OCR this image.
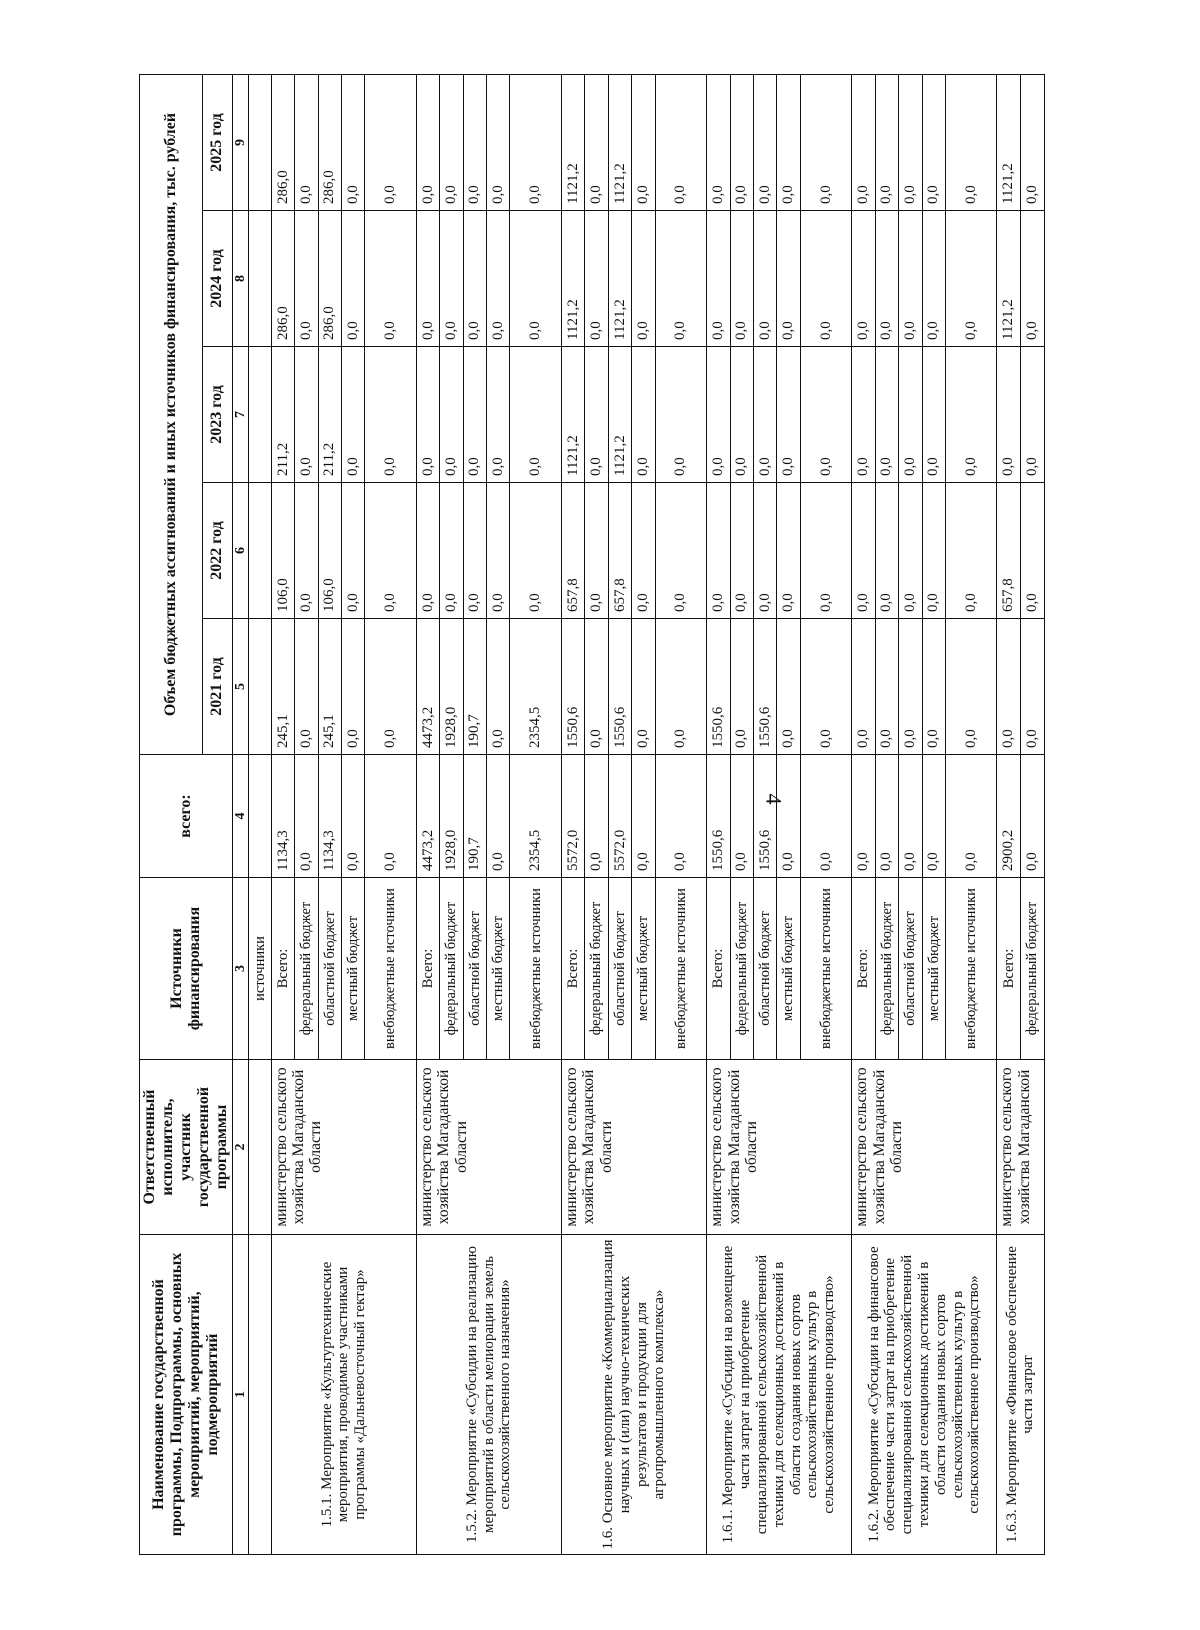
4
Наименование государственной программы, Подпрограммы, основных мероприятий, мероприятий, подмероприятий	Ответственный исполнитель, участник государственной программы	Источники финансирования	всего:	Объем бюджетных ассигнований и иных источников финансирования, тыс. рублей				
				2021 год	2022 год	2023 год	2024 год	2025 год
1	2	3	4	5	6	7	8	9
		источники						
1.5.1. Мероприятие «Культуртехнические мероприятия, проводимые участниками программы «Дальневосточный гектар»	министерство сельского хозяйства Магаданской области	Всего:	1134,3	245,1	106,0	211,2	286,0	286,0
		федеральный бюджет	0,0	0,0	0,0	0,0	0,0	0,0
		областной бюджет	1134,3	245,1	106,0	211,2	286,0	286,0
		местный бюджет	0,0	0,0	0,0	0,0	0,0	0,0
		внебюджетные источники	0,0	0,0	0,0	0,0	0,0	0,0
1.5.2. Мероприятие «Субсидии на реализацию мероприятий в области мелиорации земель сельскохозяйственного назначения»	министерство сельского хозяйства Магаданской области	Всего:	4473,2	4473,2	0,0	0,0	0,0	0,0
		федеральный бюджет	1928,0	1928,0	0,0	0,0	0,0	0,0
		областной бюджет	190,7	190,7	0,0	0,0	0,0	0,0
		местный бюджет	0,0	0,0	0,0	0,0	0,0	0,0
		внебюджетные источники	2354,5	2354,5	0,0	0,0	0,0	0,0
1.6. Основное мероприятие «Коммерциализация научных и (или) научно-технических результатов и продукции для агропромышленного комплекса»	министерство сельского хозяйства Магаданской области	Всего:	5572,0	1550,6	657,8	1121,2	1121,2	1121,2
		федеральный бюджет	0,0	0,0	0,0	0,0	0,0	0,0
		областной бюджет	5572,0	1550,6	657,8	1121,2	1121,2	1121,2
		местный бюджет	0,0	0,0	0,0	0,0	0,0	0,0
		внебюджетные источники	0,0	0,0	0,0	0,0	0,0	0,0
1.6.1. Мероприятие «Субсидии на возмещение части затрат на приобретение специализированной сельскохозяйственной техники для селекционных достижений в области создания новых сортов сельскохозяйственных культур в сельскохозяйственное производство»	министерство сельского хозяйства Магаданской области	Всего:	1550,6	1550,6	0,0	0,0	0,0	0,0
		федеральный бюджет	0,0	0,0	0,0	0,0	0,0	0,0
		областной бюджет	1550,6	1550,6	0,0	0,0	0,0	0,0
		местный бюджет	0,0	0,0	0,0	0,0	0,0	0,0
		внебюджетные источники	0,0	0,0	0,0	0,0	0,0	0,0
1.6.2. Мероприятие «Субсидии на финансовое обеспечение части затрат на приобретение специализированной сельскохозяйственной техники для селекционных достижений в области создания новых сортов сельскохозяйственных культур в сельскохозяйственное производство»	министерство сельского хозяйства Магаданской области	Всего:	0,0	0,0	0,0	0,0	0,0	0,0
		федеральный бюджет	0,0	0,0	0,0	0,0	0,0	0,0
		областной бюджет	0,0	0,0	0,0	0,0	0,0	0,0
		местный бюджет	0,0	0,0	0,0	0,0	0,0	0,0
		внебюджетные источники	0,0	0,0	0,0	0,0	0,0	0,0
1.6.3. Мероприятие «Финансовое обеспечение части затрат	министерство сельского хозяйства Магаданской	Всего:	2900,2	0,0	657,8	0,0	1121,2	1121,2
		федеральный бюджет	0,0	0,0	0,0	0,0	0,0	0,0
